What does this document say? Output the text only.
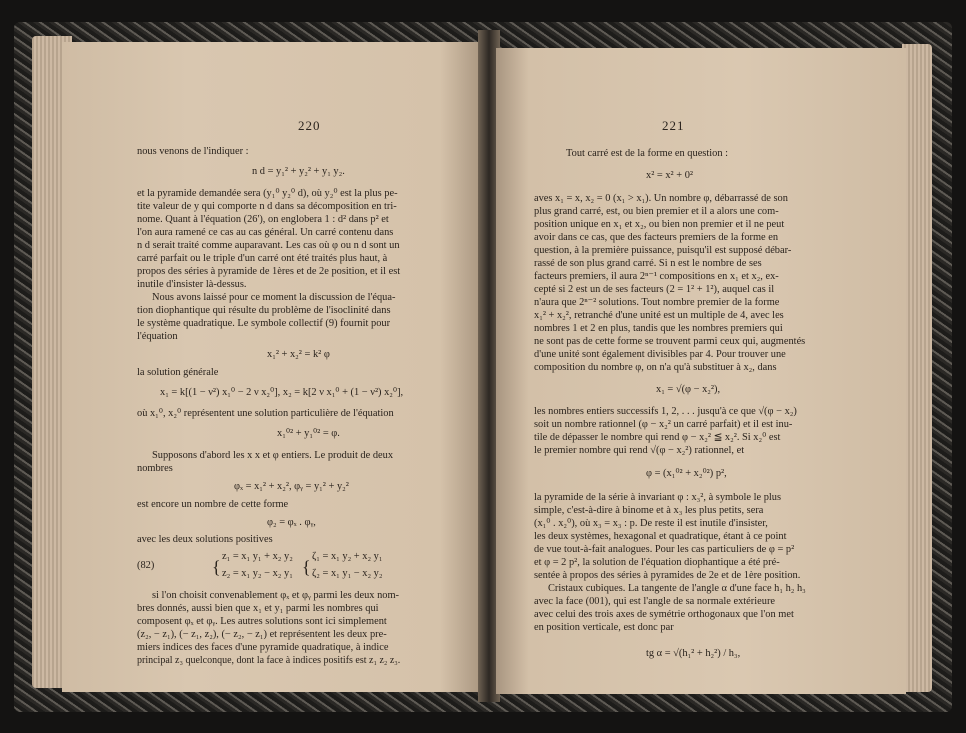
220
nous venons de l'indiquer :
n d = y₁² + y₂² + y₁ y₂.
et la pyramide demandée sera (y₁⁰ y₂⁰ d), où y₂⁰ est la plus pe-
tite valeur de y qui comporte n d dans sa décomposition en tri-
nome. Quant à l'équation (26'), on englobera 1 : d² dans p² et
l'on aura ramené ce cas au cas général. Un carré contenu dans
n d serait traité comme auparavant. Les cas où φ ou n d sont un
carré parfait ou le triple d'un carré ont été traités plus haut, à
propos des séries à pyramide de 1ères et de 2e position, et il est
inutile d'insister là-dessus.
Nous avons laissé pour ce moment la discussion de l'équa-
tion diophantique qui résulte du problème de l'isoclinité dans
le système quadratique. Le symbole collectif (9) fournit pour
l'équation
x₁² + x₂² = k² φ
la solution générale
x₁ = k[(1 − ν²) x₁⁰ − 2 ν x₂⁰], x₂ = k[2 ν x₁⁰ + (1 − ν²) x₂⁰],
où x₁⁰, x₂⁰ représentent une solution particulière de l'équation
x₁⁰² + y₁⁰² = φ.
Supposons d'abord les x x et φ entiers. Le produit de deux
nombres
φₓ = x₁² + x₂², φᵧ = y₁² + y₂²
est encore un nombre de cette forme
φ₂ = φₓ . φᵧ,
avec les deux solutions positives
(82)	{
z₁ = x₁ y₁ + x₂ y₂
z₂ = x₁ y₂ − x₂ y₁ {
ζ₁ = x₁ y₂ + x₂ y₁
ζ₂ = x₁ y₁ − x₂ y₂
si l'on choisit convenablement φₓ et φᵧ parmi les deux nom-
bres donnés, aussi bien que x₁ et y₁ parmi les nombres qui
composent φₓ et φᵧ. Les autres solutions sont ici simplement
(z₂, − z₁), (− z₁, z₂), (− z₂, − z₁) et représentent les deux pre-
miers indices des faces d'une pyramide quadratique, à indice
principal z₃ quelconque, dont la face à indices positifs est z₁ z₂ z₃.
221
Tout carré est de la forme en question :
x² = x² + 0²
aves x₁ = x, x₂ = 0 (x₁ > x₁). Un nombre φ, débarrassé de son
plus grand carré, est, ou bien premier et il a alors une com-
position unique en x₁ et x₂, ou bien non premier et il ne peut
avoir dans ce cas, que des facteurs premiers de la forme en
question, à la première puissance, puisqu'il est supposé débar-
rassé de son plus grand carré. Si n est le nombre de ses
facteurs premiers, il aura 2ⁿ⁻¹ compositions en x₁ et x₂, ex-
cepté si 2 est un de ses facteurs (2 = 1² + 1²), auquel cas il
n'aura que 2ⁿ⁻² solutions. Tout nombre premier de la forme
x₁² + x₂², retranché d'une unité est un multiple de 4, avec les
nombres 1 et 2 en plus, tandis que les nombres premiers qui
ne sont pas de cette forme se trouvent parmi ceux qui, augmentés
d'une unité sont également divisibles par 4. Pour trouver une
composition du nombre φ, on n'a qu'à substituer à x₂, dans
x₁ = √(φ − x₂²),
les nombres entiers successifs 1, 2, . . . jusqu'à ce que √(φ − x₂)
soit un nombre rationnel (φ − x₂² un carré parfait) et il est inu-
tile de dépasser le nombre qui rend φ − x₂² ≦ x₂². Si x₂⁰ est
le premier nombre qui rend √(φ − x₂²) rationnel, et
φ = (x₁⁰² + x₂⁰²) p²,
la pyramide de la série à invariant φ : x₃², à symbole le plus
simple, c'est-à-dire à binome et à x₃ les plus petits, sera
(x₁⁰ . x₂⁰), où x₃ = x₃ : p. De reste il est inutile d'insister,
les deux systèmes, hexagonal et quadratique, étant à ce point
de vue tout-à-fait analogues. Pour les cas particuliers de φ = p²
et φ = 2 p², la solution de l'équation diophantique a été pré-
sentée à propos des séries à pyramides de 2e et de 1ère position.
Cristaux cubiques. La tangente de l'angle α d'une face h₁ h₂ h₃
avec la face (001), qui est l'angle de sa normale extérieure
avec celui des trois axes de symétrie orthogonaux que l'on met
en position verticale, est donc par
tg α = √(h₁² + h₂²) / h₃,
